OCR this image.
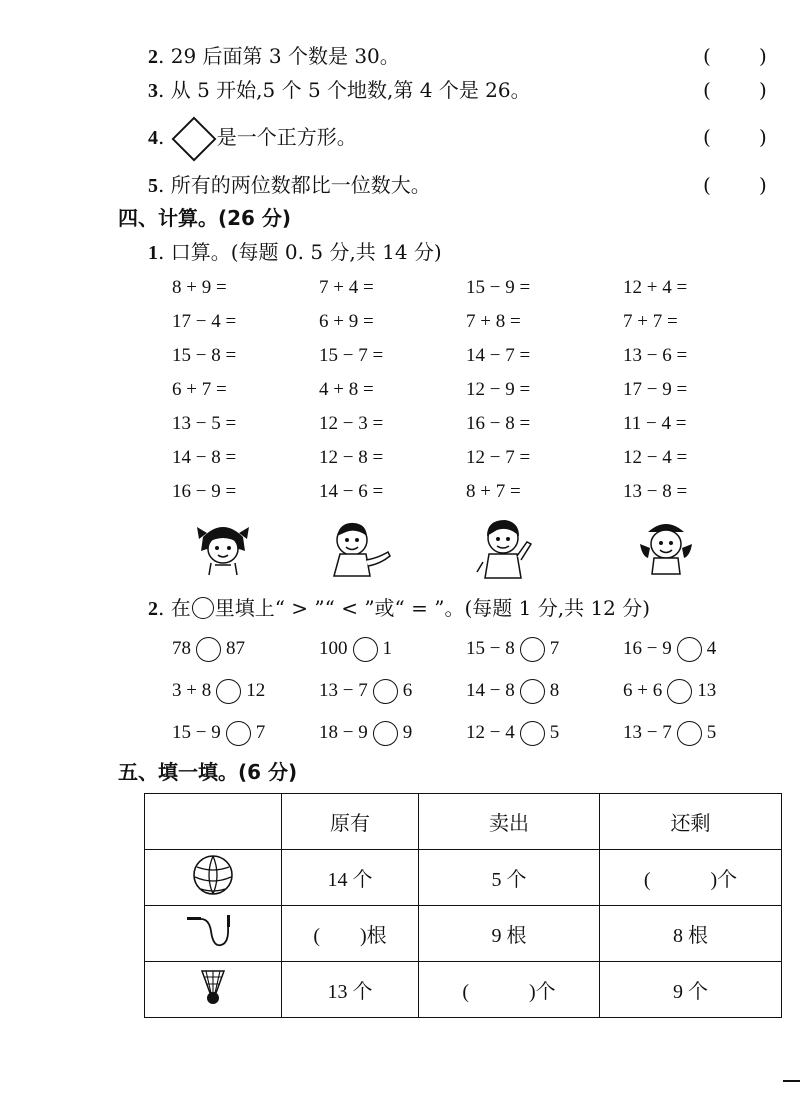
2. 29 后面第 3 个数是 30。	( )
3. 从 5 开始,5 个 5 个地数,第 4 个是 26。	( )
4.	是一个正方形。	( )
5. 所有的两位数都比一位数大。	( )
四、计算。(26 分)
1. 口算。(每题 0. 5 分,共 14 分)
8 + 9 =	7 + 4 =	15 − 9 =	12 + 4 =
17 − 4 =	6 + 9 =	7 + 8 =	7 + 7 =
15 − 8 =	15 − 7 =	14 − 7 =	13 − 6 =
6 + 7 =	4 + 8 =	12 − 9 =	17 − 9 =
13 − 5 =	12 − 3 =	16 − 8 =	11 − 4 =
14 − 8 =	12 − 8 =	12 − 7 =	12 − 4 =
16 − 9 =	14 − 6 =	8 + 7 =	13 − 8 =
2. 在 里填上“ > ”“ < ”或“ = ”。(每题 1 分,共 12 分)
78 87	100 1	15 − 8 7	16 − 9 4
3 + 8 12	13 − 7 6	14 − 8 8	6 + 6 13
15 − 9 7	18 − 9 9	12 − 4 5	13 − 7 5
五、填一填。(6 分)
	原有	卖出	还剩
	14 个	5 个	(　　　)个
	(　　)根	9 根	8 根
	13 个	(　　　)个	9 个
